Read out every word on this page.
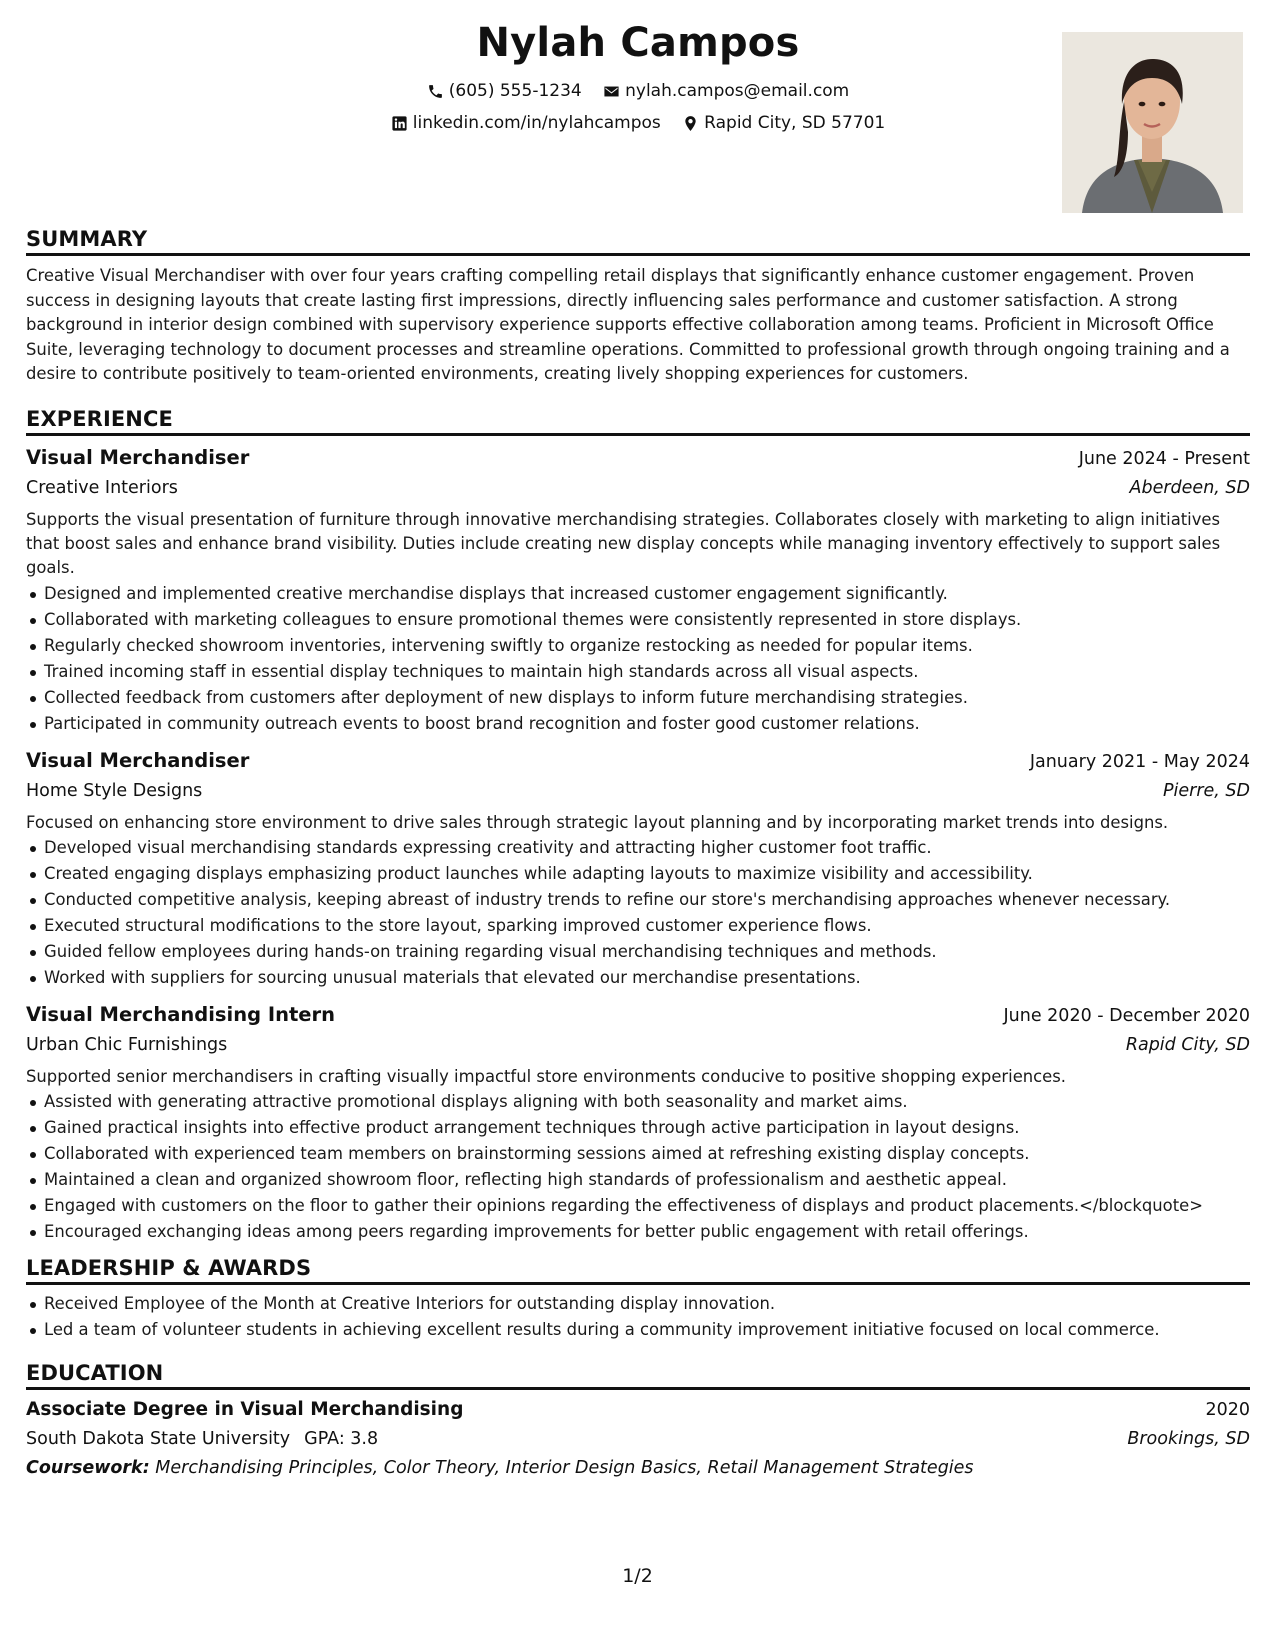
Nylah Campos
(605) 555-1234
	nylah.campos@email.com
linkedin.com/in/nylahcampos
	Rapid City, SD 57701
SUMMARY
Creative Visual Merchandiser with over four years crafting compelling retail displays that significantly enhance customer engagement. Proven success in designing layouts that create lasting first impressions, directly influencing sales performance and customer satisfaction. A strong background in interior design combined with supervisory experience supports effective collaboration among teams. Proficient in Microsoft Office Suite, leveraging technology to document processes and streamline operations. Committed to professional growth through ongoing training and a desire to contribute positively to team-oriented environments, creating lively shopping experiences for customers.
EXPERIENCE
Visual Merchandiser	June 2024 - Present
Creative Interiors	Aberdeen, SD
Supports the visual presentation of furniture through innovative merchandising strategies. Collaborates closely with marketing to align initiatives that boost sales and enhance brand visibility. Duties include creating new display concepts while managing inventory effectively to support sales goals.
Designed and implemented creative merchandise displays that increased customer engagement significantly.
Collaborated with marketing colleagues to ensure promotional themes were consistently represented in store displays.
Regularly checked showroom inventories, intervening swiftly to organize restocking as needed for popular items.
Trained incoming staff in essential display techniques to maintain high standards across all visual aspects.
Collected feedback from customers after deployment of new displays to inform future merchandising strategies.
Participated in community outreach events to boost brand recognition and foster good customer relations.
Visual Merchandiser	January 2021 - May 2024
Home Style Designs	Pierre, SD
Focused on enhancing store environment to drive sales through strategic layout planning and by incorporating market trends into designs.
Developed visual merchandising standards expressing creativity and attracting higher customer foot traffic.
Created engaging displays emphasizing product launches while adapting layouts to maximize visibility and accessibility.
Conducted competitive analysis, keeping abreast of industry trends to refine our store's merchandising approaches whenever necessary.
Executed structural modifications to the store layout, sparking improved customer experience flows.
Guided fellow employees during hands-on training regarding visual merchandising techniques and methods.
Worked with suppliers for sourcing unusual materials that elevated our merchandise presentations.
Visual Merchandising Intern	June 2020 - December 2020
Urban Chic Furnishings	Rapid City, SD
Supported senior merchandisers in crafting visually impactful store environments conducive to positive shopping experiences.
Assisted with generating attractive promotional displays aligning with both seasonality and market aims.
Gained practical insights into effective product arrangement techniques through active participation in layout designs.
Collaborated with experienced team members on brainstorming sessions aimed at refreshing existing display concepts.
Maintained a clean and organized showroom floor, reflecting high standards of professionalism and aesthetic appeal.
Engaged with customers on the floor to gather their opinions regarding the effectiveness of displays and product placements.</blockquote>
Encouraged exchanging ideas among peers regarding improvements for better public engagement with retail offerings.
LEADERSHIP & AWARDS
Received Employee of the Month at Creative Interiors for outstanding display innovation.
Led a team of volunteer students in achieving excellent results during a community improvement initiative focused on local commerce.
EDUCATION
Associate Degree in Visual Merchandising	2020
South Dakota State University GPA: 3.8	Brookings, SD
Coursework: Merchandising Principles, Color Theory, Interior Design Basics, Retail Management Strategies
1/2
